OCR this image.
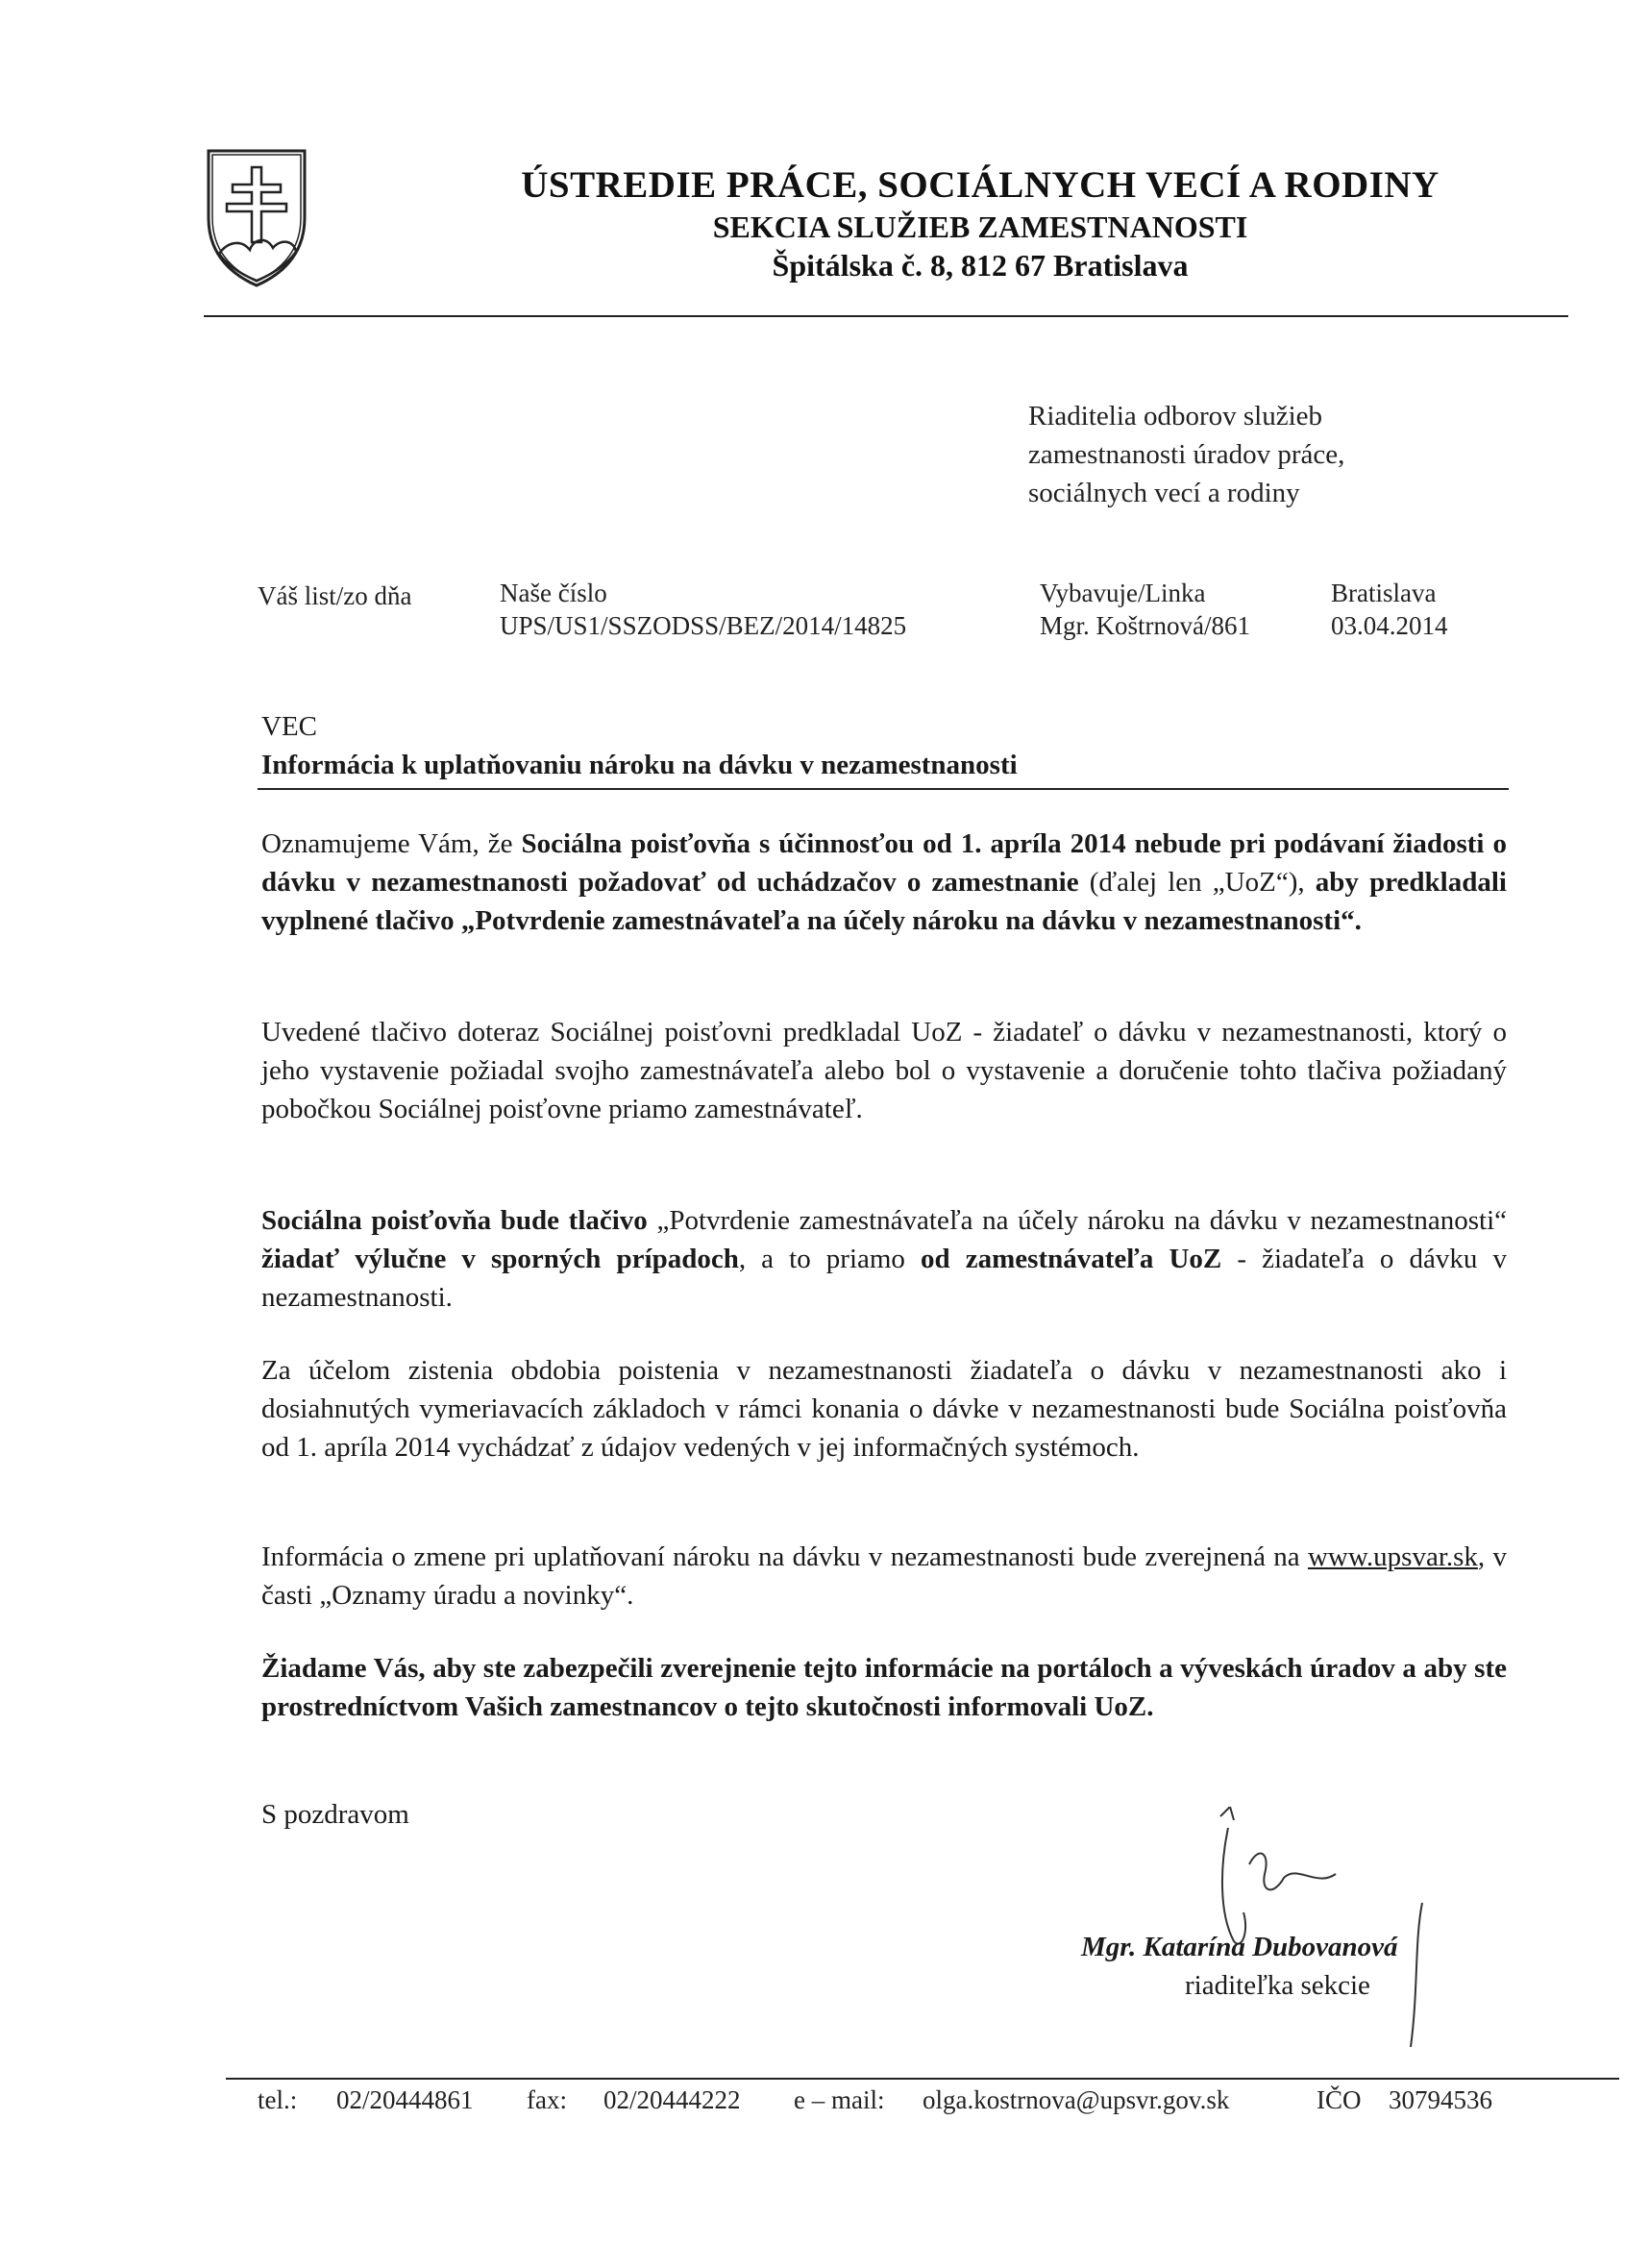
ÚSTREDIE PRÁCE, SOCIÁLNYCH VECÍ A RODINY
SEKCIA SLUŽIEB ZAMESTNANOSTI
Špitálska č. 8, 812 67 Bratislava
Riaditelia odborov služieb
zamestnanosti úradov práce,
sociálnych vecí a rodiny
Váš list/zo dňa	Naše číslo
UPS/US1/SSZODSS/BEZ/2014/14825
Vybavuje/Linka
Mgr. Koštrnová/861
Bratislava
03.04.2014
VEC
Informácia k uplatňovaniu nároku na dávku v nezamestnanosti
Oznamujeme Vám, že Sociálna poisťovňa s účinnosťou od 1. apríla 2014 nebude pri podávaní žiadosti o dávku v nezamestnanosti požadovať od uchádzačov o zamestnanie (ďalej len „UoZ“), aby predkladali vyplnené tlačivo „Potvrdenie zamestnávateľa na účely nároku na dávku v nezamestnanosti“.
Uvedené tlačivo doteraz Sociálnej poisťovni predkladal UoZ - žiadateľ o dávku v nezamestnanosti, ktorý o jeho vystavenie požiadal svojho zamestnávateľa alebo bol o vystavenie a doručenie tohto tlačiva požiadaný pobočkou Sociálnej poisťovne priamo zamestnávateľ.
Sociálna poisťovňa bude tlačivo „Potvrdenie zamestnávateľa na účely nároku na dávku v nezamestnanosti“ žiadať výlučne v sporných prípadoch, a to priamo od zamestnávateľa UoZ - žiadateľa o dávku v nezamestnanosti.
Za účelom zistenia obdobia poistenia v nezamestnanosti žiadateľa o dávku v nezamestnanosti ako i dosiahnutých vymeriavacích základoch v rámci konania o dávke v nezamestnanosti bude Sociálna poisťovňa od 1. apríla 2014 vychádzať z údajov vedených v jej informačných systémoch.
Informácia o zmene pri uplatňovaní nároku na dávku v nezamestnanosti bude zverejnená na www.upsvar.sk, v časti „Oznamy úradu a novinky“.
Žiadame Vás, aby ste zabezpečili zverejnenie tejto informácie na portáloch a výveskách úradov a aby ste prostredníctvom Vašich zamestnancov o tejto skutočnosti informovali UoZ.
S pozdravom
Mgr. Katarína Dubovanová
riaditeľka sekcie
tel.: 02/20444861 fax: 02/20444222 e – mail: olga.kostrnova@upsvr.gov.sk	IČO 30794536
